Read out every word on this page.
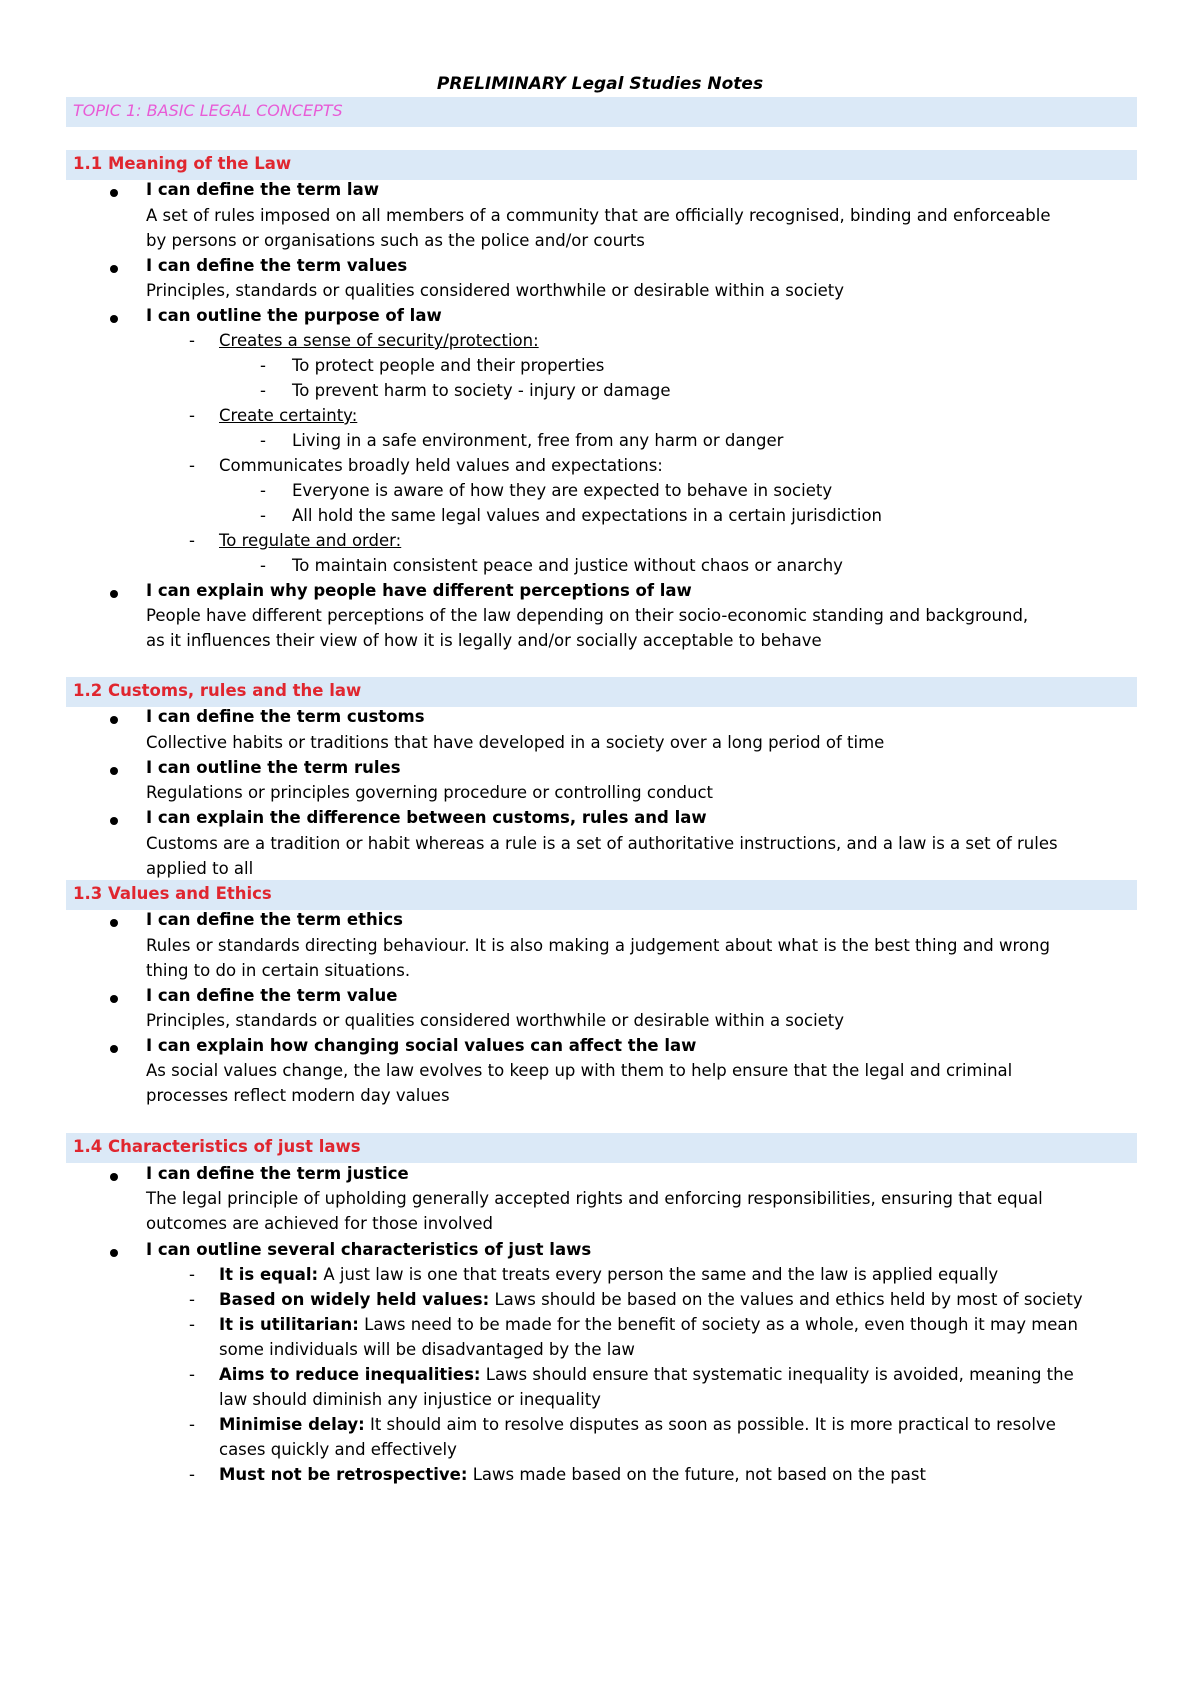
PRELIMINARY Legal Studies Notes
TOPIC 1: BASIC LEGAL CONCEPTS
1.1 Meaning of the Law
I can define the term law
A set of rules imposed on all members of a community that are officially recognised, binding and enforceable
by persons or organisations such as the police and/or courts
I can define the term values
Principles, standards or qualities considered worthwhile or desirable within a society
I can outline the purpose of law
- Creates a sense of security/protection:
- To protect people and their properties
- To prevent harm to society - injury or damage
- Create certainty:
- Living in a safe environment, free from any harm or danger
- Communicates broadly held values and expectations:
- Everyone is aware of how they are expected to behave in society
- All hold the same legal values and expectations in a certain jurisdiction
- To regulate and order:
- To maintain consistent peace and justice without chaos or anarchy
I can explain why people have different perceptions of law
People have different perceptions of the law depending on their socio-economic standing and background,
as it influences their view of how it is legally and/or socially acceptable to behave
1.2 Customs, rules and the law
I can define the term customs
Collective habits or traditions that have developed in a society over a long period of time
I can outline the term rules
Regulations or principles governing procedure or controlling conduct
I can explain the difference between customs, rules and law
Customs are a tradition or habit whereas a rule is a set of authoritative instructions, and a law is a set of rules
applied to all
1.3 Values and Ethics
I can define the term ethics
Rules or standards directing behaviour. It is also making a judgement about what is the best thing and wrong
thing to do in certain situations.
I can define the term value
Principles, standards or qualities considered worthwhile or desirable within a society
I can explain how changing social values can affect the law
As social values change, the law evolves to keep up with them to help ensure that the legal and criminal
processes reflect modern day values
1.4 Characteristics of just laws
I can define the term justice
The legal principle of upholding generally accepted rights and enforcing responsibilities, ensuring that equal
outcomes are achieved for those involved
I can outline several characteristics of just laws
- It is equal: A just law is one that treats every person the same and the law is applied equally
- Based on widely held values: Laws should be based on the values and ethics held by most of society
- It is utilitarian: Laws need to be made for the benefit of society as a whole, even though it may mean
some individuals will be disadvantaged by the law
- Aims to reduce inequalities: Laws should ensure that systematic inequality is avoided, meaning the
law should diminish any injustice or inequality
- Minimise delay: It should aim to resolve disputes as soon as possible. It is more practical to resolve
cases quickly and effectively
- Must not be retrospective: Laws made based on the future, not based on the past
